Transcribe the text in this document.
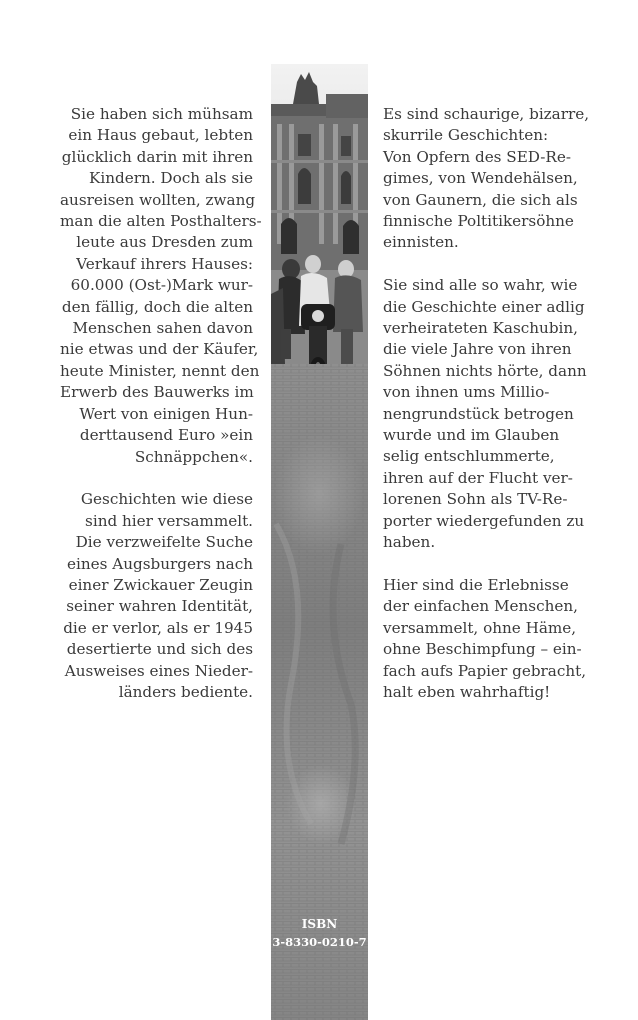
Sie haben sich mühsam
ein Haus gebaut, lebten
glücklich darin mit ihren
Kindern. Doch als sie
ausreisen wollten, zwang
man die alten Posthalters-
leute aus Dresden zum
Verkauf ihrers Hauses:
60.000 (Ost-)Mark wur-
den fällig, doch die alten
Menschen sahen davon
nie etwas und der Käufer,
heute Minister, nennt den
Erwerb des Bauwerks im
Wert von einigen Hun-
derttausend Euro »ein
Schnäppchen«.
Geschichten wie diese
sind hier versammelt.
Die verzweifelte Suche
eines Augsburgers nach
einer Zwickauer Zeugin
seiner wahren Identität,
die er verlor, als er 1945
desertierte und sich des
Ausweises eines Nieder-
länders bediente.
ISBN
3-8330-0210-7
Es sind schaurige, bizarre,
skurrile Geschichten:
Von Opfern des SED-Re-
gimes, von Wendehälsen,
von Gaunern, die sich als
finnische Poltitikersöhne
einnisten.
Sie sind alle so wahr, wie
die Geschichte einer adlig
verheirateten Kaschubin,
die viele Jahre von ihren
Söhnen nichts hörte, dann
von ihnen ums Millio-
nengrundstück betrogen
wurde und im Glauben
selig entschlummerte,
ihren auf der Flucht ver-
lorenen Sohn als TV-Re-
porter wiedergefunden zu
haben.
Hier sind die Erlebnisse
der einfachen Menschen,
versammelt, ohne Häme,
ohne Beschimpfung – ein-
fach aufs Papier gebracht,
halt eben wahrhaftig!
